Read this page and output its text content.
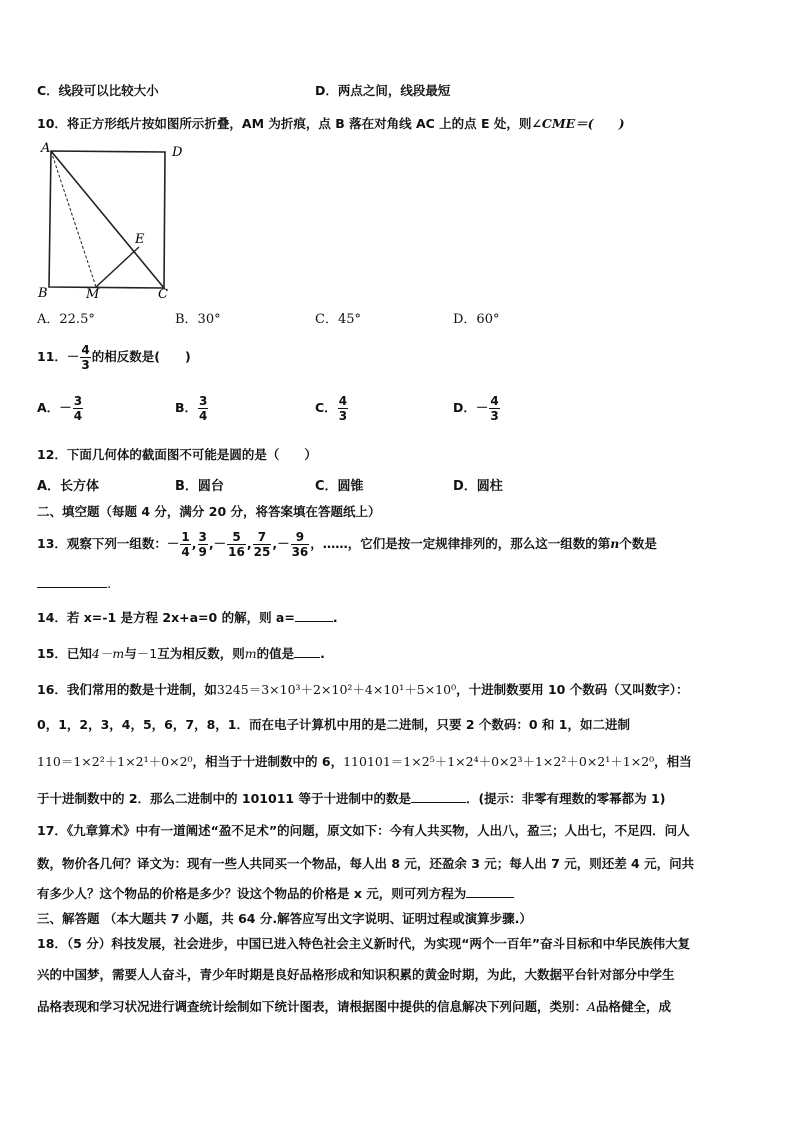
C．线段可以比较大小	D．两点之间，线段最短
10．将正方形纸片按如图所示折叠，AM 为折痕，点 B 落在对角线 AC 上的点 E 处，则∠CME＝(　　)
A	D
B	M	C
E
A．22.5°	B．30°	C．45°	D．60°
11．－ $\frac{4}{3}$ 的相反数是(　　)
A．－ $\frac{3}{4}$	B． $\frac{3}{4}$	C． $\frac{4}{3}$	D．－ $\frac{4}{3}$
12．下面几何体的截面图不可能是圆的是（　　）
A．长方体	B．圆台	C．圆锥	D．圆柱
二、填空题（每题 4 分，满分 20 分，将答案填在答题纸上）
13．观察下列一组数：－ $\frac{1}{4}$ , $\frac{3}{9}$ ,－ $\frac{5}{16}$ , $\frac{7}{25}$ ,－ $\frac{9}{36}$ ，……，它们是按一定规律排列的，那么这一组数的第n个数是
.
14．若 x=-1 是方程 2x+a=0 的解，则 a=	.
15．已知4－m与－1互为相反数，则m的值是 .
16．我们常用的数是十进制，如3245＝3×10³＋2×10²＋4×10¹＋5×10⁰，十进制数要用 10 个数码（又叫数字）：
0，1，2，3，4，5，6，7，8，1．而在电子计算机中用的是二进制，只要 2 个数码：0 和 1，如二进制
110＝1×2²＋1×2¹＋0×2⁰，相当于十进制数中的 6，110101＝1×2⁵＋1×2⁴＋0×2³＋1×2²＋0×2¹＋1×2⁰，相当
于十进制数中的 2．那么二进制中的 101011 等于十进制中的数是	．(提示：非零有理数的零幂都为 1)
17．《九章算术》中有一道阐述“盈不足术”的问题，原文如下：今有人共买物，人出八，盈三；人出七，不足四．问人
数，物价各几何？译文为：现有一些人共同买一个物品，每人出 8 元，还盈余 3 元；每人出 7 元，则还差 4 元，问共
有多少人？这个物品的价格是多少？设这个物品的价格是 x 元，则可列方程为
三、解答题 （本大题共 7 小题，共 64 分.解答应写出文字说明、证明过程或演算步骤.）
18．（5 分）科技发展，社会进步，中国已进入特色社会主义新时代，为实现“两个一百年”奋斗目标和中华民族伟大复
兴的中国梦，需要人人奋斗，青少年时期是良好品格形成和知识积累的黄金时期，为此，大数据平台针对部分中学生
品格表现和学习状况进行调查统计绘制如下统计图表，请根据图中提供的信息解决下列问题，类别：A品格健全，成
